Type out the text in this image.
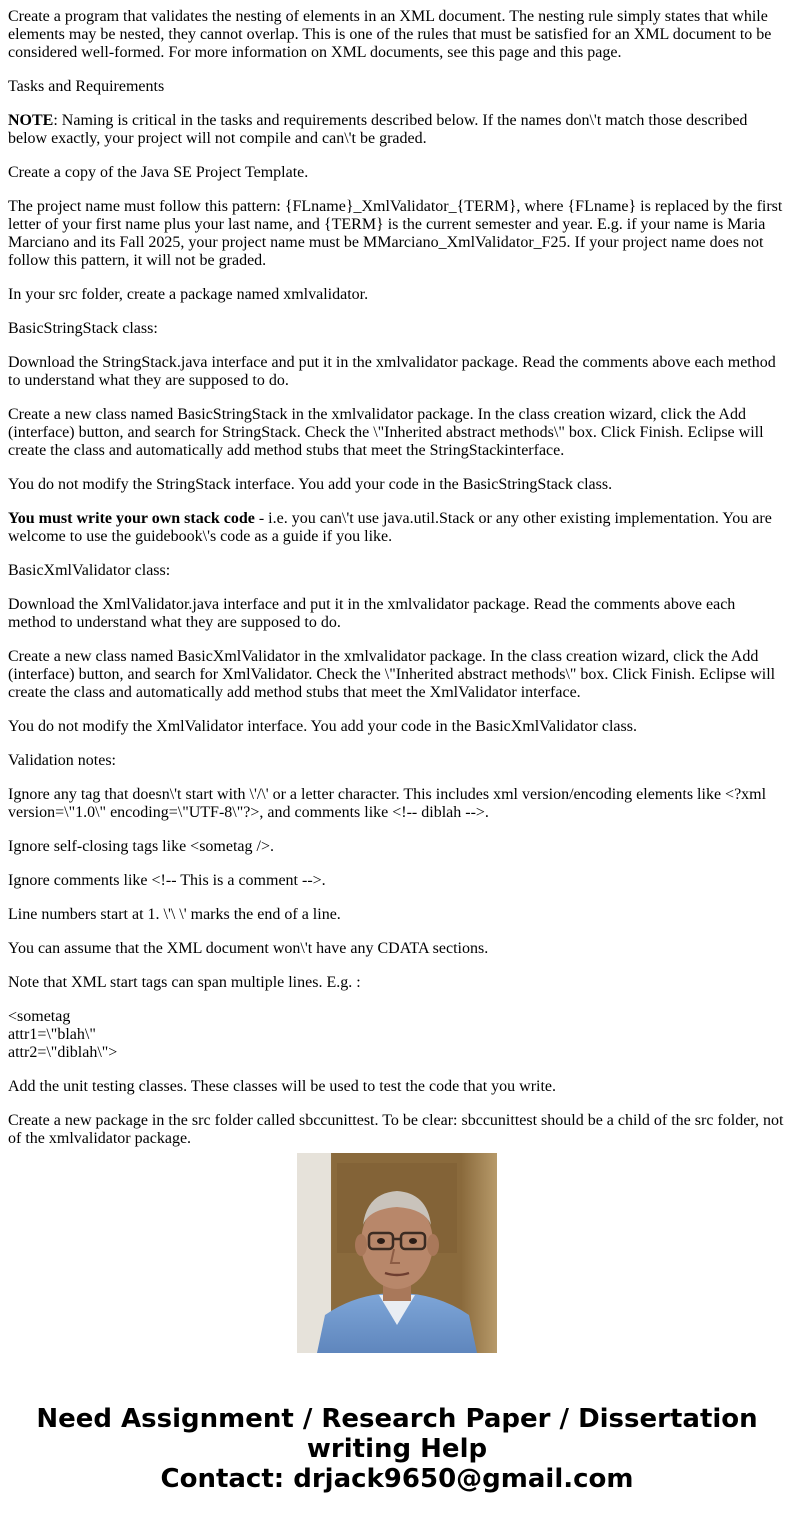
Create a program that validates the nesting of elements in an XML document. The nesting rule simply states that while elements may be nested, they cannot overlap. This is one of the rules that must be satisfied for an XML document to be considered well-formed. For more information on XML documents, see this page and this page.

Tasks and Requirements

NOTE: Naming is critical in the tasks and requirements described below. If the names don\'t match those described below exactly, your project will not compile and can\'t be graded.

Create a copy of the Java SE Project Template.

The project name must follow this pattern: {FLname}_XmlValidator_{TERM}, where {FLname} is replaced by the first letter of your first name plus your last name, and {TERM} is the current semester and year. E.g. if your name is Maria Marciano and its Fall 2025, your project name must be MMarciano_XmlValidator_F25. If your project name does not follow this pattern, it will not be graded.

In your src folder, create a package named xmlvalidator.

BasicStringStack class:

Download the StringStack.java interface and put it in the xmlvalidator package. Read the comments above each method to understand what they are supposed to do.

Create a new class named BasicStringStack in the xmlvalidator package. In the class creation wizard, click the Add (interface) button, and search for StringStack. Check the \"Inherited abstract methods\" box. Click Finish. Eclipse will create the class and automatically add method stubs that meet the StringStackinterface.

You do not modify the StringStack interface. You add your code in the BasicStringStack class.

You must write your own stack code - i.e. you can\'t use java.util.Stack or any other existing implementation. You are welcome to use the guidebook\'s code as a guide if you like.

BasicXmlValidator class:

Download the XmlValidator.java interface and put it in the xmlvalidator package. Read the comments above each method to understand what they are supposed to do.

Create a new class named BasicXmlValidator in the xmlvalidator package. In the class creation wizard, click the Add (interface) button, and search for XmlValidator. Check the \"Inherited abstract methods\" box. Click Finish. Eclipse will create the class and automatically add method stubs that meet the XmlValidator interface.

You do not modify the XmlValidator interface. You add your code in the BasicXmlValidator class.

Validation notes:

Ignore any tag that doesn\'t start with \'/\' or a letter character. This includes xml version/encoding elements like <?xml version=\"1.0\" encoding=\"UTF-8\"?>, and comments like <!-- diblah -->.

Ignore self-closing tags like <sometag />.

Ignore comments like <!-- This is a comment -->.

Line numbers start at 1. \'\ \' marks the end of a line.

You can assume that the XML document won\'t have any CDATA sections.

Note that XML start tags can span multiple lines. E.g. :

<sometag
attr1=\"blah\"
attr2=\"diblah\">

Add the unit testing classes. These classes will be used to test the code that you write.

Create a new package in the src folder called sbccunittest. To be clear: sbccunittest should be a child of the src folder, not of the xmlvalidator package.

Need Assignment / Research Paper / Dissertation
writing Help
Contact: drjack9650@gmail.com
